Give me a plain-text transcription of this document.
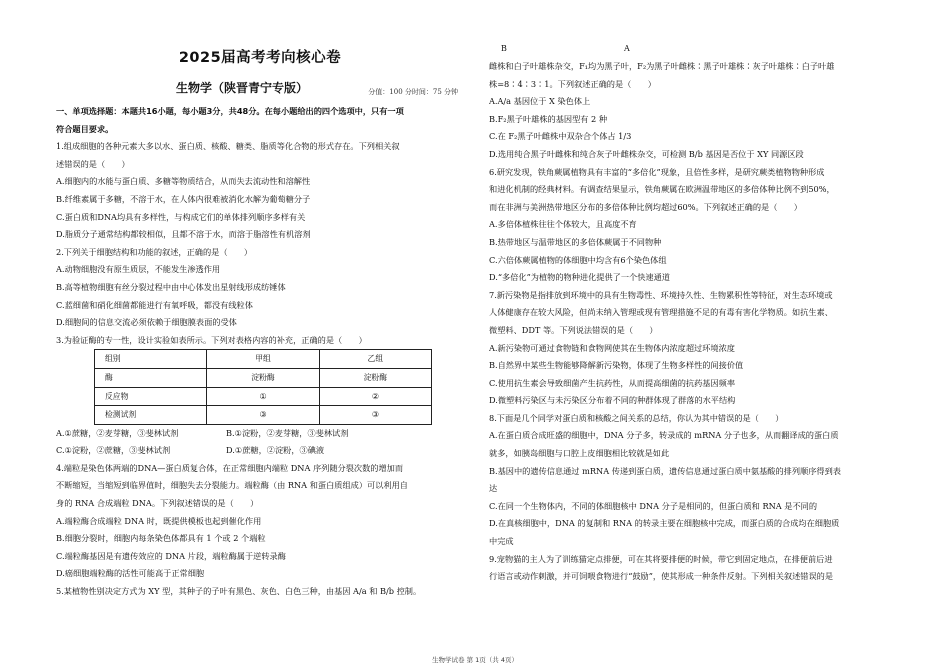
2025届高考考向核心卷
生物学（陕晋青宁专版）	分值：100 分时间：75 分钟

一、单项选择题：本题共16小题，每小题3分，共48分。在每小题给出的四个选项中，只有一项

符合题目要求。

1.组成细胞的各种元素大多以水、蛋白质、核酸、糖类、脂质等化合物的形式存在。下列相关叙

述错误的是（　　）

A.细胞内的水能与蛋白质、多糖等物质结合，从而失去流动性和溶解性

B.纤维素属于多糖，不溶于水，在人体内很难被消化水解为葡萄糖分子

C.蛋白质和DNA均具有多样性，与构成它们的单体排列顺序多样有关

D.脂质分子通常结构都较相似，且都不溶于水，而溶于脂溶性有机溶剂

2.下列关于细胞结构和功能的叙述，正确的是（　　）

A.动物细胞没有原生质层，不能发生渗透作用

B.高等植物细胞有丝分裂过程中由中心体发出星射线形成纺锤体

C.蓝细菌和硝化细菌都能进行有氧呼吸，都没有线粒体

D.细胞间的信息交流必须依赖于细胞膜表面的受体

3.为验证酶的专一性，设计实验如表所示。下列对表格内容的补充，正确的是（　　）

组别	甲组	乙组
酶	淀粉酶	淀粉酶
反应物	①	②
检测试剂	③	③
A.①蔗糖，②麦芽糖，③斐林试剂	B.①淀粉，②麦芽糖，③斐林试剂
C.①淀粉，②蔗糖，③斐林试剂	D.①蔗糖，②淀粉，③碘液

4.端粒是染色体两端的DNA—蛋白质复合体，在正常细胞内端粒 DNA 序列随分裂次数的增加而

不断缩短，当缩短到临界值时，细胞失去分裂能力。端粒酶（由 RNA 和蛋白质组成）可以利用自

身的 RNA 合成端粒 DNA。下列叙述错误的是（　　）

A.端粒酶合成端粒 DNA 时，既提供模板也起到催化作用

B.细胞分裂时，细胞内每条染色体都具有 1 个或 2 个端粒

C.端粒酶基因是有遗传效应的 DNA 片段，端粒酶属于逆转录酶

D.癌细胞端粒酶的活性可能高于正常细胞

5.某植物性别决定方式为 XY 型，其种子的子叶有黑色、灰色、白色三种，由基因 A/a 和 B/b 控制。

B	A

雌株和白子叶雄株杂交，F₁均为黑子叶，F₂为黑子叶雌株∶黑子叶雄株∶灰子叶雄株∶白子叶雄

株=8∶4∶3∶1。下列叙述正确的是（　　）

A.A/a 基因位于 X 染色体上

B.F₂黑子叶雄株的基因型有 2 种

C.在 F₂黑子叶雌株中双杂合个体占 1/3

D.选用纯合黑子叶雌株和纯合灰子叶雌株杂交，可检测 B/b 基因是否位于 XY 同源区段

6.研究发现，铁角蕨属植物具有丰富的“多倍化”现象，且倍性多样，是研究蕨类植物物种形成

和进化机制的经典材料。有调查结果显示，铁角蕨属在欧洲温带地区的多倍体种比例不到50%，

而在非洲与美洲热带地区分布的多倍体种比例均超过60%。下列叙述正确的是（　　）

A.多倍体植株往往个体较大，且高度不育

B.热带地区与温带地区的多倍体蕨属于不同物种

C.六倍体蕨属植物的体细胞中均含有6个染色体组

D.“多倍化”为植物的物种进化提供了一个快速通道

7.新污染物是指排放到环境中的具有生物毒性、环境持久性、生物累积性等特征，对生态环境或

人体健康存在较大风险，但尚未纳入管理或现有管理措施不足的有毒有害化学物质。如抗生素、

微塑料、DDT 等。下列说法错误的是（　　）

A.新污染物可通过食物链和食物网使其在生物体内浓度超过环境浓度

B.自然界中某些生物能够降解新污染物，体现了生物多样性的间接价值

C.使用抗生素会导致细菌产生抗药性，从而提高细菌的抗药基因频率

D.微塑料污染区与未污染区分布着不同的种群体现了群落的水平结构

8.下面是几个同学对蛋白质和核酸之间关系的总结，你认为其中错误的是（　　）

A.在蛋白质合成旺盛的细胞中，DNA 分子多，转录成的 mRNA 分子也多，从而翻译成的蛋白质

就多，如胰岛细胞与口腔上皮细胞相比较就是如此

B.基因中的遗传信息通过 mRNA 传递到蛋白质，遗传信息通过蛋白质中氨基酸的排列顺序得到表

达

C.在同一个生物体内，不同的体细胞核中 DNA 分子是相同的，但蛋白质和 RNA 是不同的

D.在真核细胞中，DNA 的复制和 RNA 的转录主要在细胞核中完成，而蛋白质的合成均在细胞质

中完成

9.宠物猫的主人为了训练猫定点排便，可在其将要排便的时候，带它到固定地点，在排便前后进

行语言或动作刺激，并可饲喂食物进行“鼓励”，使其形成一种条件反射。下列相关叙述错误的是

生物学试卷 第 1页（共 4页）
